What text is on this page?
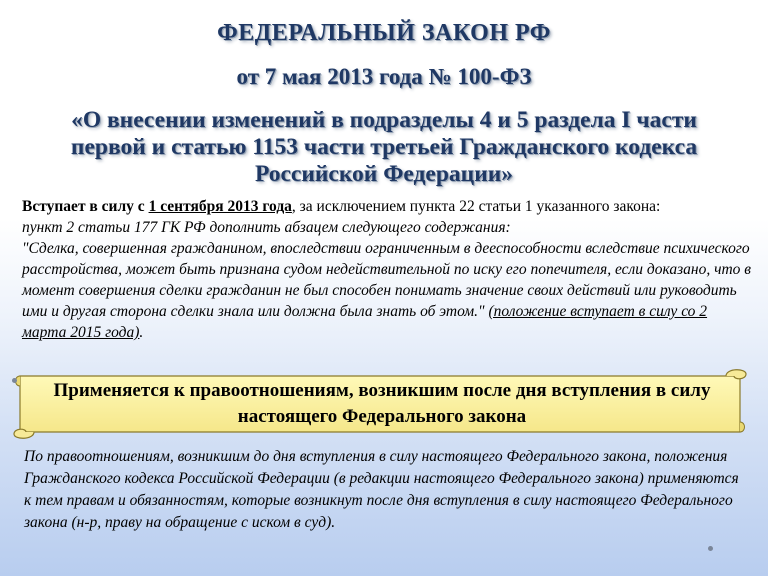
ФЕДЕРАЛЬНЫЙ ЗАКОН РФ
от 7 мая 2013 года № 100-ФЗ
«О внесении изменений в подразделы 4 и 5 раздела I части
первой и статью 1153 части третьей Гражданского кодекса
Российской Федерации»
Вступает в силу с 1 сентября 2013 года, за исключением пункта 22 статьи 1 указанного закона:
пункт 2 статьи 177 ГК РФ дополнить абзацем следующего содержания:
"Сделка, совершенная гражданином, впоследствии ограниченным в дееспособности вследствие психического расстройства, может быть признана судом недействительной по иску его попечителя, если доказано, что в момент совершения сделки гражданин не был способен понимать значение своих действий или руководить ими и другая сторона сделки знала или должна была знать об этом." (положение вступает в силу со 2 марта 2015 года).
Применяется к правоотношениям, возникшим после дня вступления в силу настоящего Федерального закона
По правоотношениям, возникшим до дня вступления в силу настоящего Федерального закона, положения Гражданского кодекса Российской Федерации (в редакции настоящего Федерального закона) применяются к тем правам и обязанностям, которые возникнут после дня вступления в силу настоящего Федерального закона (н-р, праву на обращение с иском в суд).
